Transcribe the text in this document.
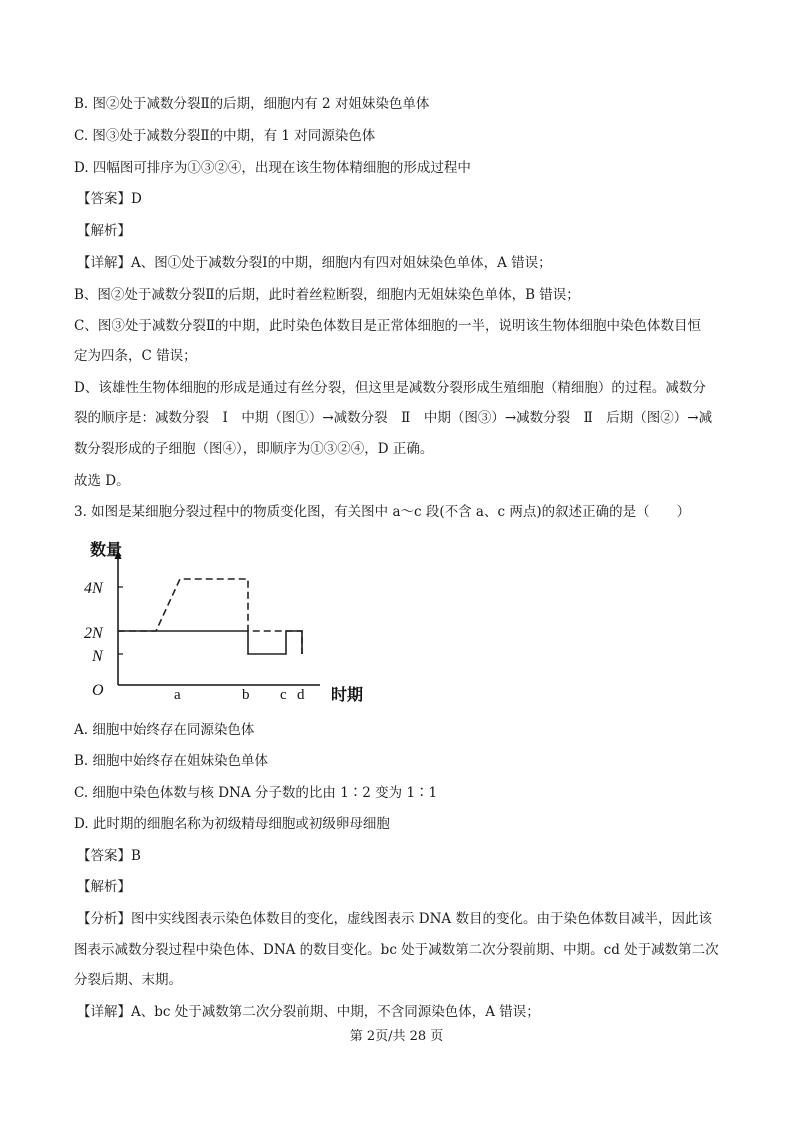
B. 图②处于减数分裂Ⅱ的后期，细胞内有 2 对姐妹染色单体
C. 图③处于减数分裂Ⅱ的中期，有 1 对同源染色体
D. 四幅图可排序为①③②④，出现在该生物体精细胞的形成过程中
【答案】D
【解析】
【详解】A、图①处于减数分裂Ⅰ的中期，细胞内有四对姐妹染色单体，A 错误；
B、图②处于减数分裂Ⅱ的后期，此时着丝粒断裂，细胞内无姐妹染色单体，B 错误；
C、图③处于减数分裂Ⅱ的中期，此时染色体数目是正常体细胞的一半，说明该生物体细胞中染色体数目恒
定为四条，C 错误；
D、该雄性生物体细胞的形成是通过有丝分裂，但这里是减数分裂形成生殖细胞（精细胞）的过程。减数分
裂的顺序是：减数分裂　Ⅰ　中期（图①）→减数分裂　Ⅱ　中期（图③）→减数分裂　Ⅱ　后期（图②）→减
数分裂形成的子细胞（图④），即顺序为①③②④，D 正确。
故选 D。
3. 如图是某细胞分裂过程中的物质变化图，有关图中 a～c 段(不含 a、c 两点)的叙述正确的是（　　）
数量
时期
O
4N
2N
N
a	b c d
A. 细胞中始终存在同源染色体
B. 细胞中始终存在姐妹染色单体
C. 细胞中染色体数与核 DNA 分子数的比由 1∶2 变为 1∶1
D. 此时期的细胞名称为初级精母细胞或初级卵母细胞
【答案】B
【解析】
【分析】图中实线图表示染色体数目的变化，虚线图表示 DNA 数目的变化。由于染色体数目减半，因此该
图表示减数分裂过程中染色体、DNA 的数目变化。bc 处于减数第二次分裂前期、中期。cd 处于减数第二次
分裂后期、末期。
【详解】A、bc 处于减数第二次分裂前期、中期，不含同源染色体，A 错误；
第 2页/共 28 页
